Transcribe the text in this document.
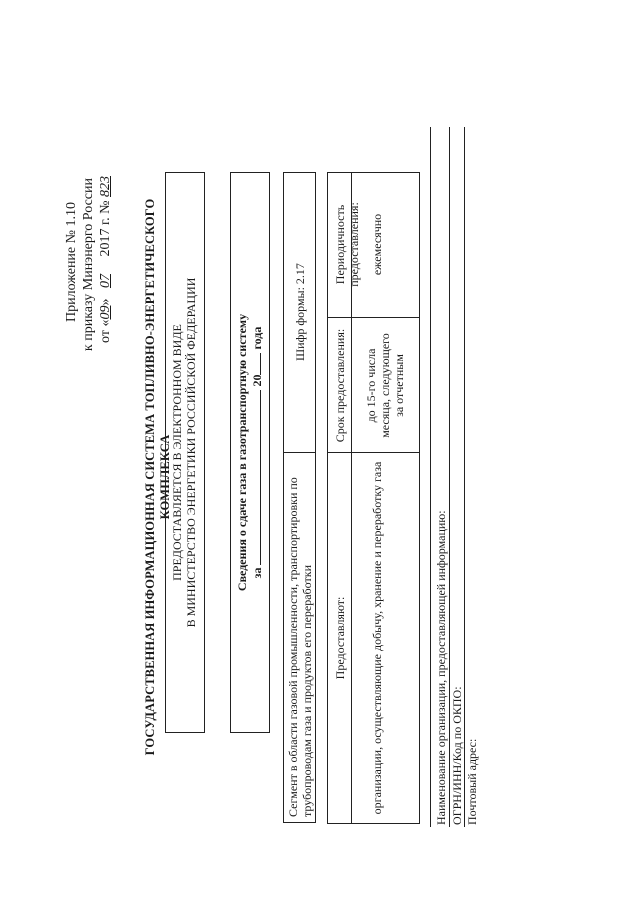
Приложение № 1.10 к приказу Минэнерго России от «09»   07     2017 г. № 823
ГОСУДАРСТВЕННАЯ ИНФОРМАЦИОННАЯ СИСТЕМА ТОПЛИВНО-ЭНЕРГЕТИЧЕСКОГО КОМПЛЕКСА
ПРЕДОСТАВЛЯЕТСЯ В ЭЛЕКТРОННОМ ВИДЕ В МИНИСТЕРСТВО ЭНЕРГЕТИКИ РОССИЙСКОЙ ФЕДЕРАЦИИ	Сведения о сдаче газа в газотранспортную систему за  20 года
Сегмент в области газовой промышленности, транспортировки по трубопроводам газа и продуктов его переработки
Шифр формы: 2.17
Предоставляют:
Срок предоставления:
Периодичность предоставления:
организации, осуществляющие добычу, хранение и переработку газа
до 15-го числа месяца, следующего за отчетным
ежемесячно
Наименование организации, предоставляющей информацию: ОГРН/ИНН/Код по ОКПО: Почтовый адрес:
